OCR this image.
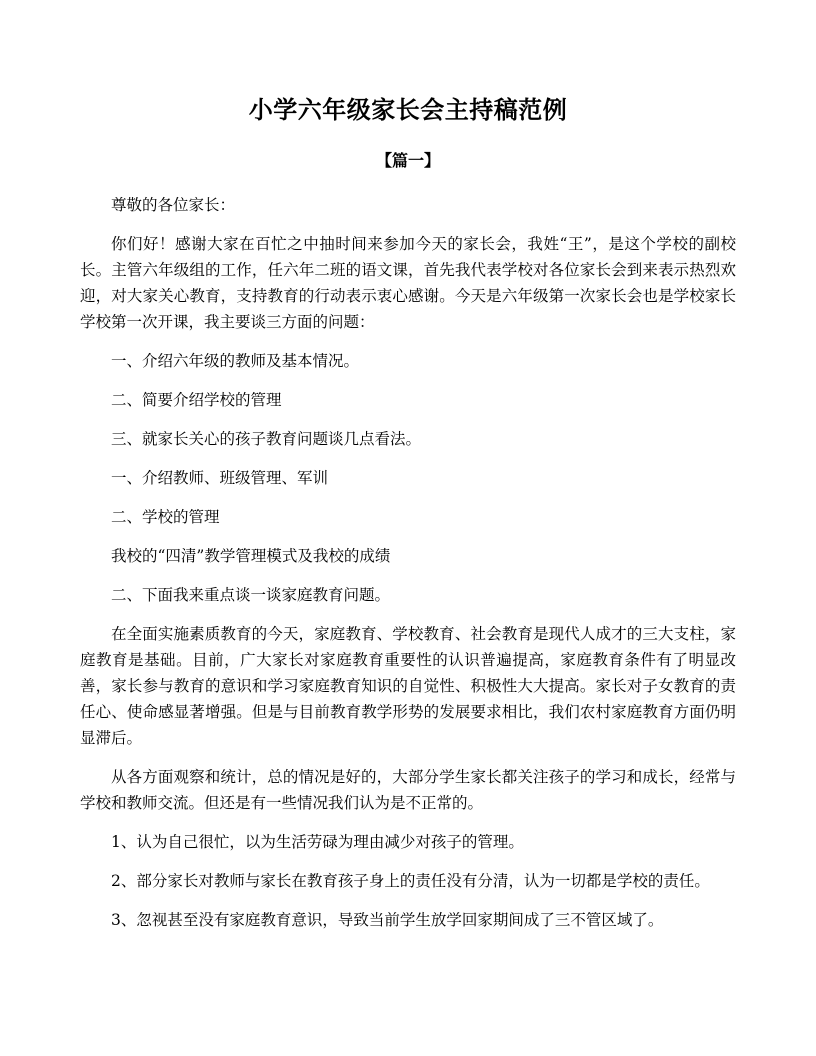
小学六年级家长会主持稿范例
【篇一】

尊敬的各位家长：

你们好！感谢大家在百忙之中抽时间来参加今天的家长会，我姓“王”，是这个学校的副校长。主管六年级组的工作，任六年二班的语文课，首先我代表学校对各位家长会到来表示热烈欢迎，对大家关心教育，支持教育的行动表示衷心感谢。今天是六年级第一次家长会也是学校家长学校第一次开课，我主要谈三方面的问题：

一、介绍六年级的教师及基本情况。

二、简要介绍学校的管理

三、就家长关心的孩子教育问题谈几点看法。

一、介绍教师、班级管理、军训

二、学校的管理

我校的“四清”教学管理模式及我校的成绩

二、下面我来重点谈一谈家庭教育问题。

在全面实施素质教育的今天，家庭教育、学校教育、社会教育是现代人成才的三大支柱，家庭教育是基础。目前，广大家长对家庭教育重要性的认识普遍提高，家庭教育条件有了明显改善，家长参与教育的意识和学习家庭教育知识的自觉性、积极性大大提高。家长对子女教育的责任心、使命感显著增强。但是与目前教育教学形势的发展要求相比，我们农村家庭教育方面仍明显滞后。

从各方面观察和统计，总的情况是好的，大部分学生家长都关注孩子的学习和成长，经常与学校和教师交流。但还是有一些情况我们认为是不正常的。

1、认为自己很忙，以为生活劳碌为理由减少对孩子的管理。

2、部分家长对教师与家长在教育孩子身上的责任没有分清，认为一切都是学校的责任。

3、忽视甚至没有家庭教育意识，导致当前学生放学回家期间成了三不管区域了。
